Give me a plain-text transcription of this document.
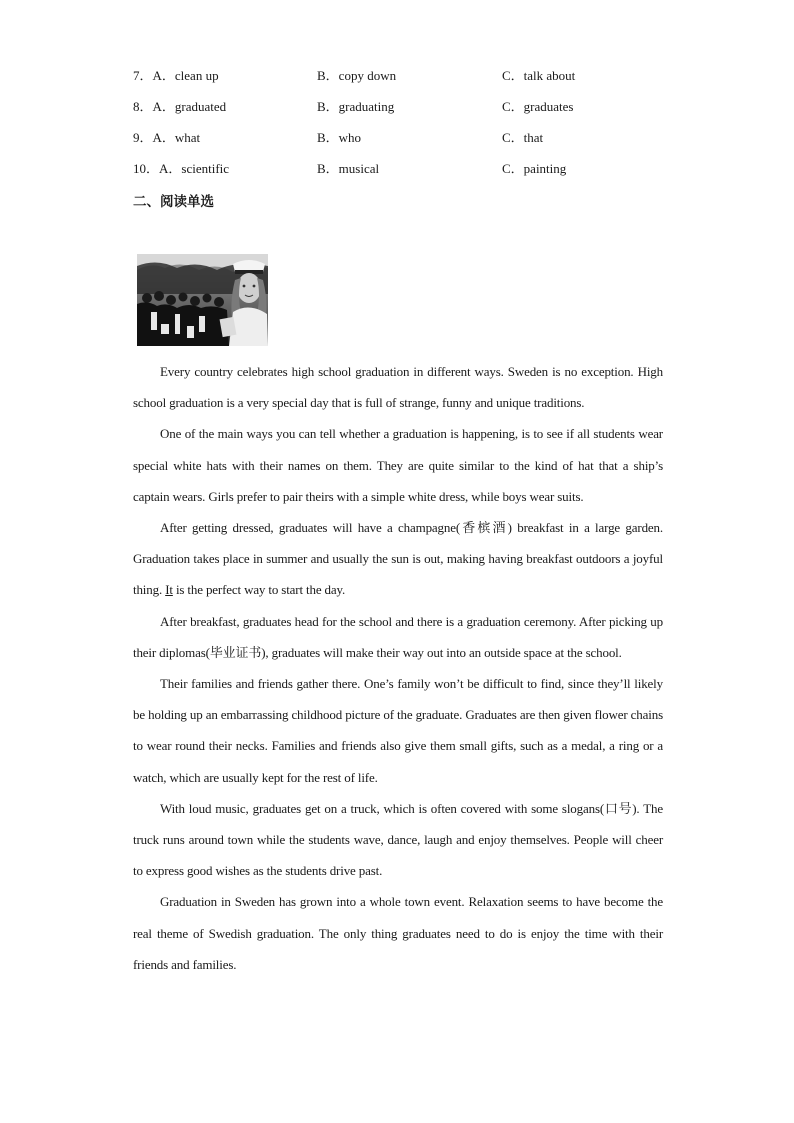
7．A．clean up	B．copy down	C．talk about
8．A．graduated	B．graduating	C．graduates
9．A．what	B．who	C．that
10．A．scientific	B．musical	C．painting
二、阅读单选

Every country celebrates high school graduation in different ways. Sweden is no exception. High school graduation is a very special day that is full of strange, funny and unique traditions.

One of the main ways you can tell whether a graduation is happening, is to see if all students wear special white hats with their names on them. They are quite similar to the kind of hat that a ship’s captain wears. Girls prefer to pair theirs with a simple white dress, while boys wear suits.

After getting dressed, graduates will have a champagne(香槟酒) breakfast in a large garden. Graduation takes place in summer and usually the sun is out, making having breakfast outdoors a joyful thing. It is the perfect way to start the day.

After breakfast, graduates head for the school and there is a graduation ceremony. After picking up their diplomas(毕业证书), graduates will make their way out into an outside space at the school.

Their families and friends gather there. One’s family won’t be difficult to find, since they’ll likely be holding up an embarrassing childhood picture of the graduate. Graduates are then given flower chains to wear round their necks. Families and friends also give them small gifts, such as a medal, a ring or a watch, which are usually kept for the rest of life.

With loud music, graduates get on a truck, which is often covered with some slogans(口号). The truck runs around town while the students wave, dance, laugh and enjoy themselves. People will cheer to express good wishes as the students drive past.

Graduation in Sweden has grown into a whole town event. Relaxation seems to have become the real theme of Swedish graduation. The only thing graduates need to do is enjoy the time with their friends and families.
